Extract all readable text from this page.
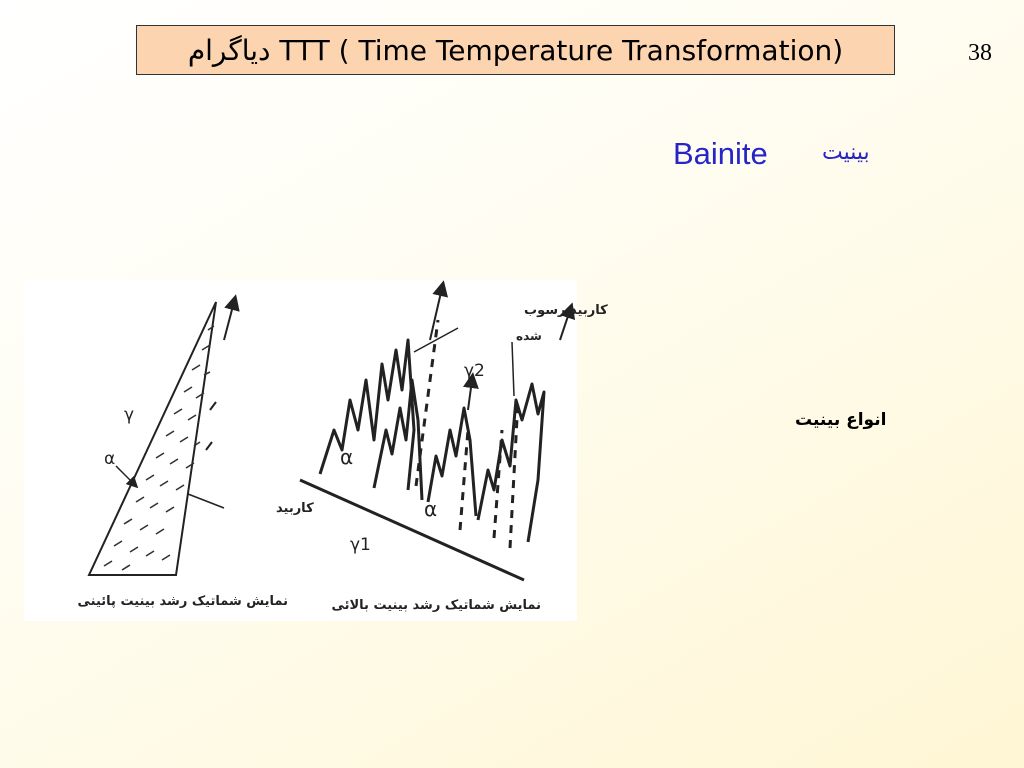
(Time Temperature Transformation ) TTT دیاگرام	38
Bainite بینیت
انواع بینیت
γ
α
کاربید
کاربید رسوب
شده
γ2
α
α
γ1
نمایش شماتیک رشد بینیت پائینی	نمایش شماتیک رشد بینیت بالائی
